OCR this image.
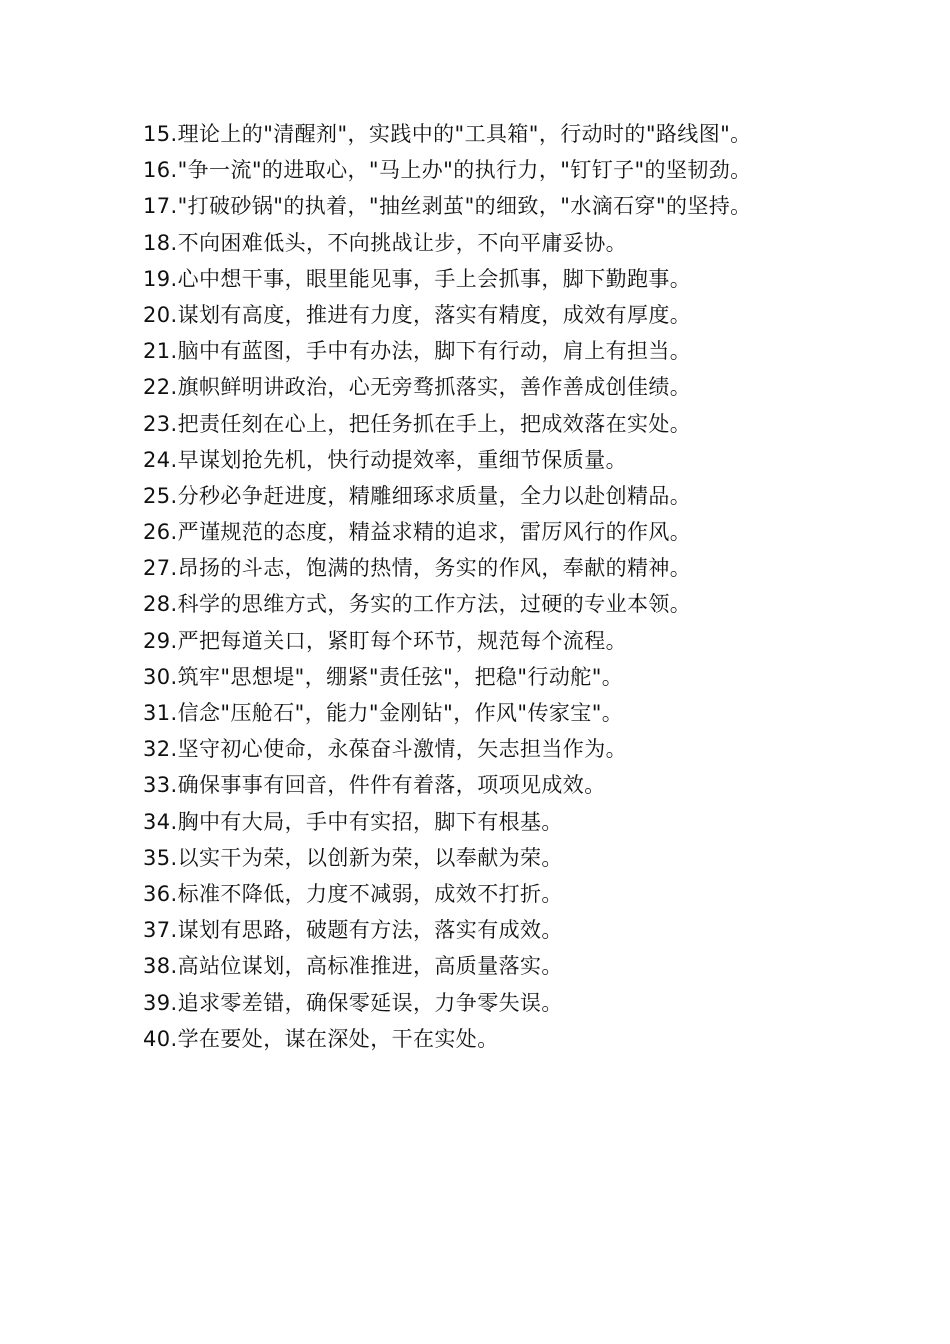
15.理论上的"清醒剂"，实践中的"工具箱"，行动时的"路线图"。
16."争一流"的进取心，"马上办"的执行力，"钉钉子"的坚韧劲。
17."打破砂锅"的执着，"抽丝剥茧"的细致，"水滴石穿"的坚持。
18.不向困难低头，不向挑战让步，不向平庸妥协。
19.心中想干事，眼里能见事，手上会抓事，脚下勤跑事。
20.谋划有高度，推进有力度，落实有精度，成效有厚度。
21.脑中有蓝图，手中有办法，脚下有行动，肩上有担当。
22.旗帜鲜明讲政治，心无旁骛抓落实，善作善成创佳绩。
23.把责任刻在心上，把任务抓在手上，把成效落在实处。
24.早谋划抢先机，快行动提效率，重细节保质量。
25.分秒必争赶进度，精雕细琢求质量，全力以赴创精品。
26.严谨规范的态度，精益求精的追求，雷厉风行的作风。
27.昂扬的斗志，饱满的热情，务实的作风，奉献的精神。
28.科学的思维方式，务实的工作方法，过硬的专业本领。
29.严把每道关口，紧盯每个环节，规范每个流程。
30.筑牢"思想堤"，绷紧"责任弦"，把稳"行动舵"。
31.信念"压舱石"，能力"金刚钻"，作风"传家宝"。
32.坚守初心使命，永葆奋斗激情，矢志担当作为。
33.确保事事有回音，件件有着落，项项见成效。
34.胸中有大局，手中有实招，脚下有根基。
35.以实干为荣，以创新为荣，以奉献为荣。
36.标准不降低，力度不减弱，成效不打折。
37.谋划有思路，破题有方法，落实有成效。
38.高站位谋划，高标准推进，高质量落实。
39.追求零差错，确保零延误，力争零失误。
40.学在要处，谋在深处，干在实处。
